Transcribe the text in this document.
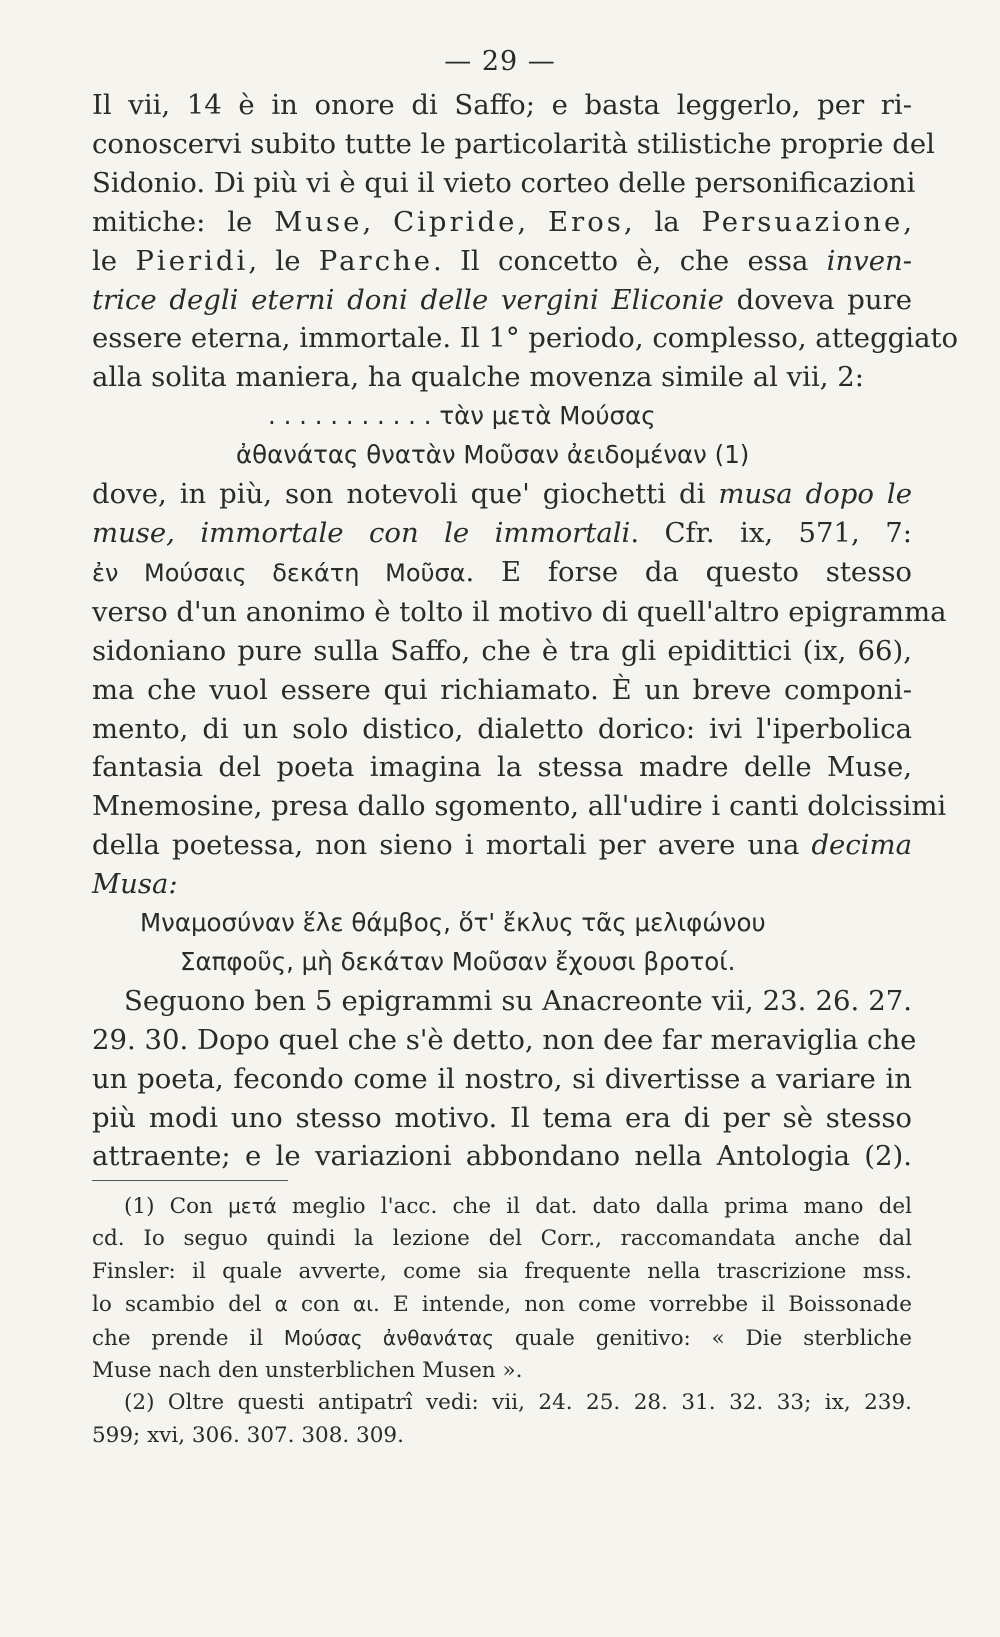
— 29 —
Il vii, 14 è in onore di Saffo; e basta leggerlo, per ri-
conoscervi subito tutte le particolarità stilistiche proprie del
Sidonio. Di più vi è qui il vieto corteo delle personificazioni
mitiche: le Muse, Cipride, Eros, la Persuazione,
le Pieridi, le Parche. Il concetto è, che essa inven-
trice degli eterni doni delle vergini Eliconie doveva pure
essere eterna, immortale. Il 1° periodo, complesso, atteggiato
alla solita maniera, ha qualche movenza simile al vii, 2:
. . . . . . . . . . . τὰν μετὰ Μούσας
ἀθανάτας θνατὰν Μοῦσαν ἀειδομέναν (1)
dove, in più, son notevoli que' giochetti di musa dopo le
muse, immortale con le immortali. Cfr. ix, 571, 7:
ἐν Μούσαις δεκάτη Μοῦσα. E forse da questo stesso
verso d'un anonimo è tolto il motivo di quell'altro epigramma
sidoniano pure sulla Saffo, che è tra gli epidittici (ix, 66),
ma che vuol essere qui richiamato. È un breve componi-
mento, di un solo distico, dialetto dorico: ivi l'iperbolica
fantasia del poeta imagina la stessa madre delle Muse,
Mnemosine, presa dallo sgomento, all'udire i canti dolcissimi
della poetessa, non sieno i mortali per avere una decima
Musa:
Μναμοσύναν ἕλε θάμβος, ὅτ' ἔκλυς τᾶς μελιφώνου
Σαπφοῦς, μὴ δεκάταν Μοῦσαν ἔχουσι βροτοί.
Seguono ben 5 epigrammi su Anacreonte vii, 23. 26. 27.
29. 30. Dopo quel che s'è detto, non dee far meraviglia che
un poeta, fecondo come il nostro, si divertisse a variare in
più modi uno stesso motivo. Il tema era di per sè stesso
attraente; e le variazioni abbondano nella Antologia (2).
(1) Con μετά meglio l'acc. che il dat. dato dalla prima mano del
cd. Io seguo quindi la lezione del Corr., raccomandata anche dal
Finsler: il quale avverte, come sia frequente nella trascrizione mss.
lo scambio del α con αι. E intende, non come vorrebbe il Boissonade
che prende il Μούσας ἀνθανάτας quale genitivo: « Die sterbliche
Muse nach den unsterblichen Musen ».
(2) Oltre questi antipatrî vedi: vii, 24. 25. 28. 31. 32. 33; ix, 239.
599; xvi, 306. 307. 308. 309.
